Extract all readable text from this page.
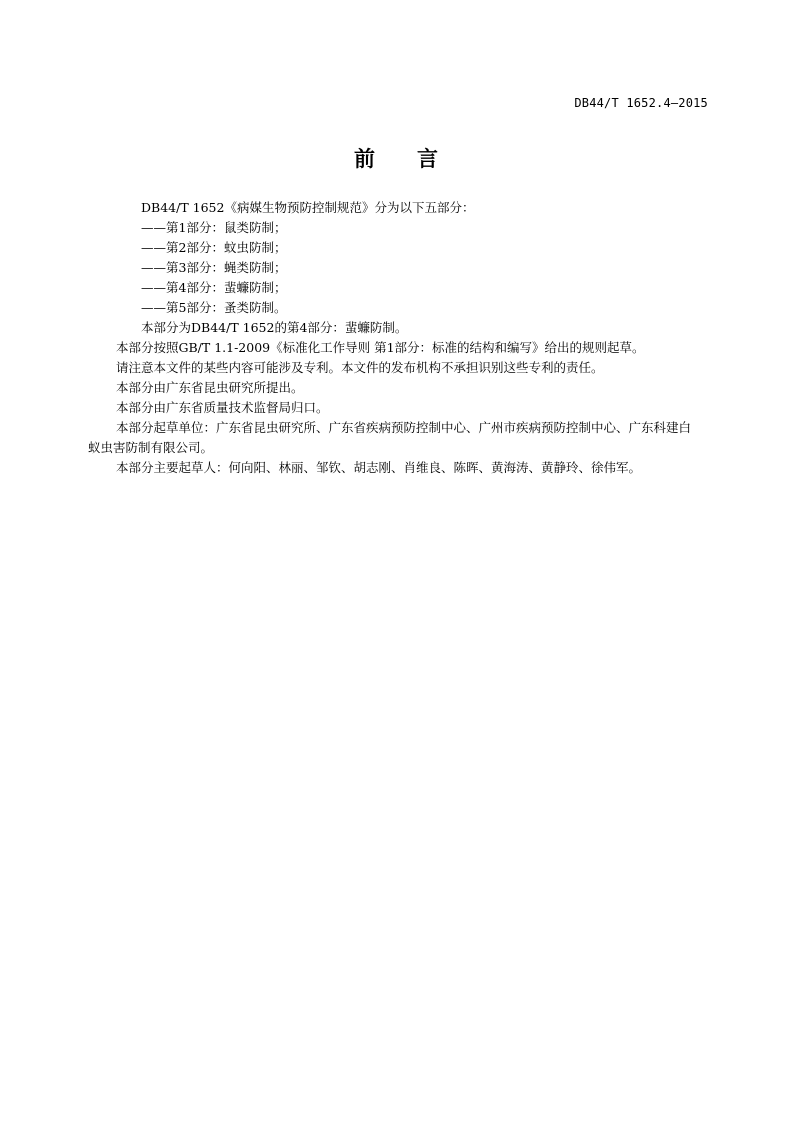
DB44/T 1652.4—2015
前 言

DB44/T 1652《病媒生物预防控制规范》分为以下五部分：

——第1部分：鼠类防制；

——第2部分：蚊虫防制；

——第3部分：蝇类防制；

——第4部分：蜚蠊防制；

——第5部分：蚤类防制。

本部分为DB44/T 1652的第4部分：蜚蠊防制。

本部分按照GB/T 1.1-2009《标准化工作导则 第1部分：标准的结构和编写》给出的规则起草。

请注意本文件的某些内容可能涉及专利。本文件的发布机构不承担识别这些专利的责任。

本部分由广东省昆虫研究所提出。

本部分由广东省质量技术监督局归口。

本部分起草单位：广东省昆虫研究所、广东省疾病预防控制中心、广州市疾病预防控制中心、广东科建白蚁虫害防制有限公司。

本部分主要起草人：何向阳、林丽、邹钦、胡志刚、肖维良、陈晖、黄海涛、黄静玲、徐伟军。
